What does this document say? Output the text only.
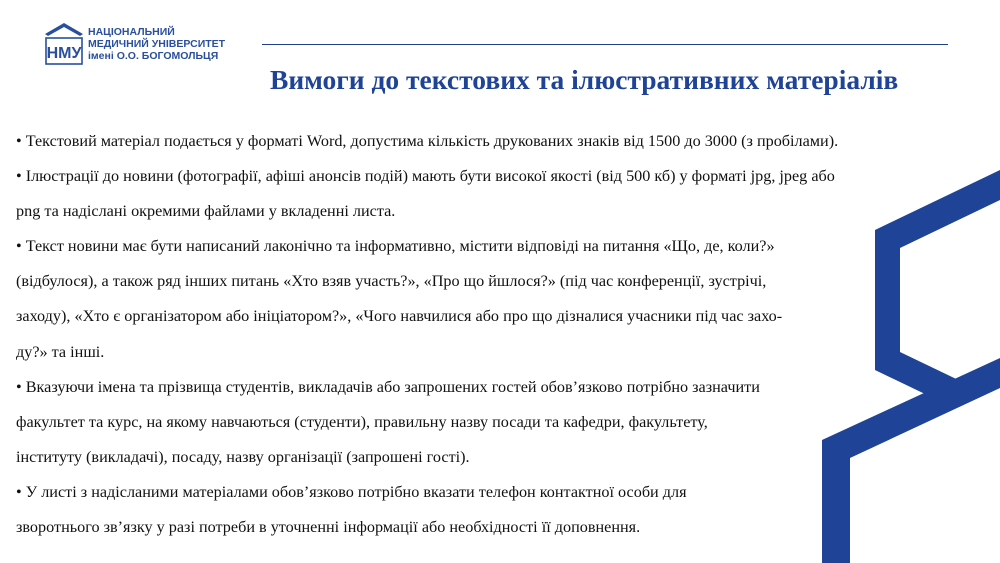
НМУ
НАЦІОНАЛЬНИЙ
МЕДИЧНИЙ УНІВЕРСИТЕТ
імені О.О. БОГОМОЛЬЦЯ
Вимоги до текстових та ілюстративних матеріалів
• Текстовий матеріал подається у форматі Word, допустима кількість друкованих знаків від 1500 до 3000 (з пробілами).
• Ілюстрації до новини (фотографії, афіші анонсів подій) мають бути високої якості (від 500 кб) у форматі jpg, jpeg або
png та надіслані окремими файлами у вкладенні листа.
• Текст новини має бути написаний лаконічно та інформативно, містити відповіді на питання «Що, де, коли?»
(відбулося), а також ряд інших питань «Хто взяв участь?», «Про що йшлося?» (під час конференції, зустрічі,
заходу), «Хто є організатором або ініціатором?», «Чого навчилися або про що дізналися учасники під час захо-
ду?» та інші.
• Вказуючи імена та прізвища студентів, викладачів або запрошених гостей обов’язково потрібно зазначити
факультет та курс, на якому навчаються (студенти), правильну назву посади та кафедри, факультету,
інституту (викладачі), посаду, назву організації (запрошені гості).
• У листі з надісланими матеріалами обов’язково потрібно вказати телефон контактної особи для
зворотнього зв’язку у разі потреби в уточненні інформації або необхідності її доповнення.
